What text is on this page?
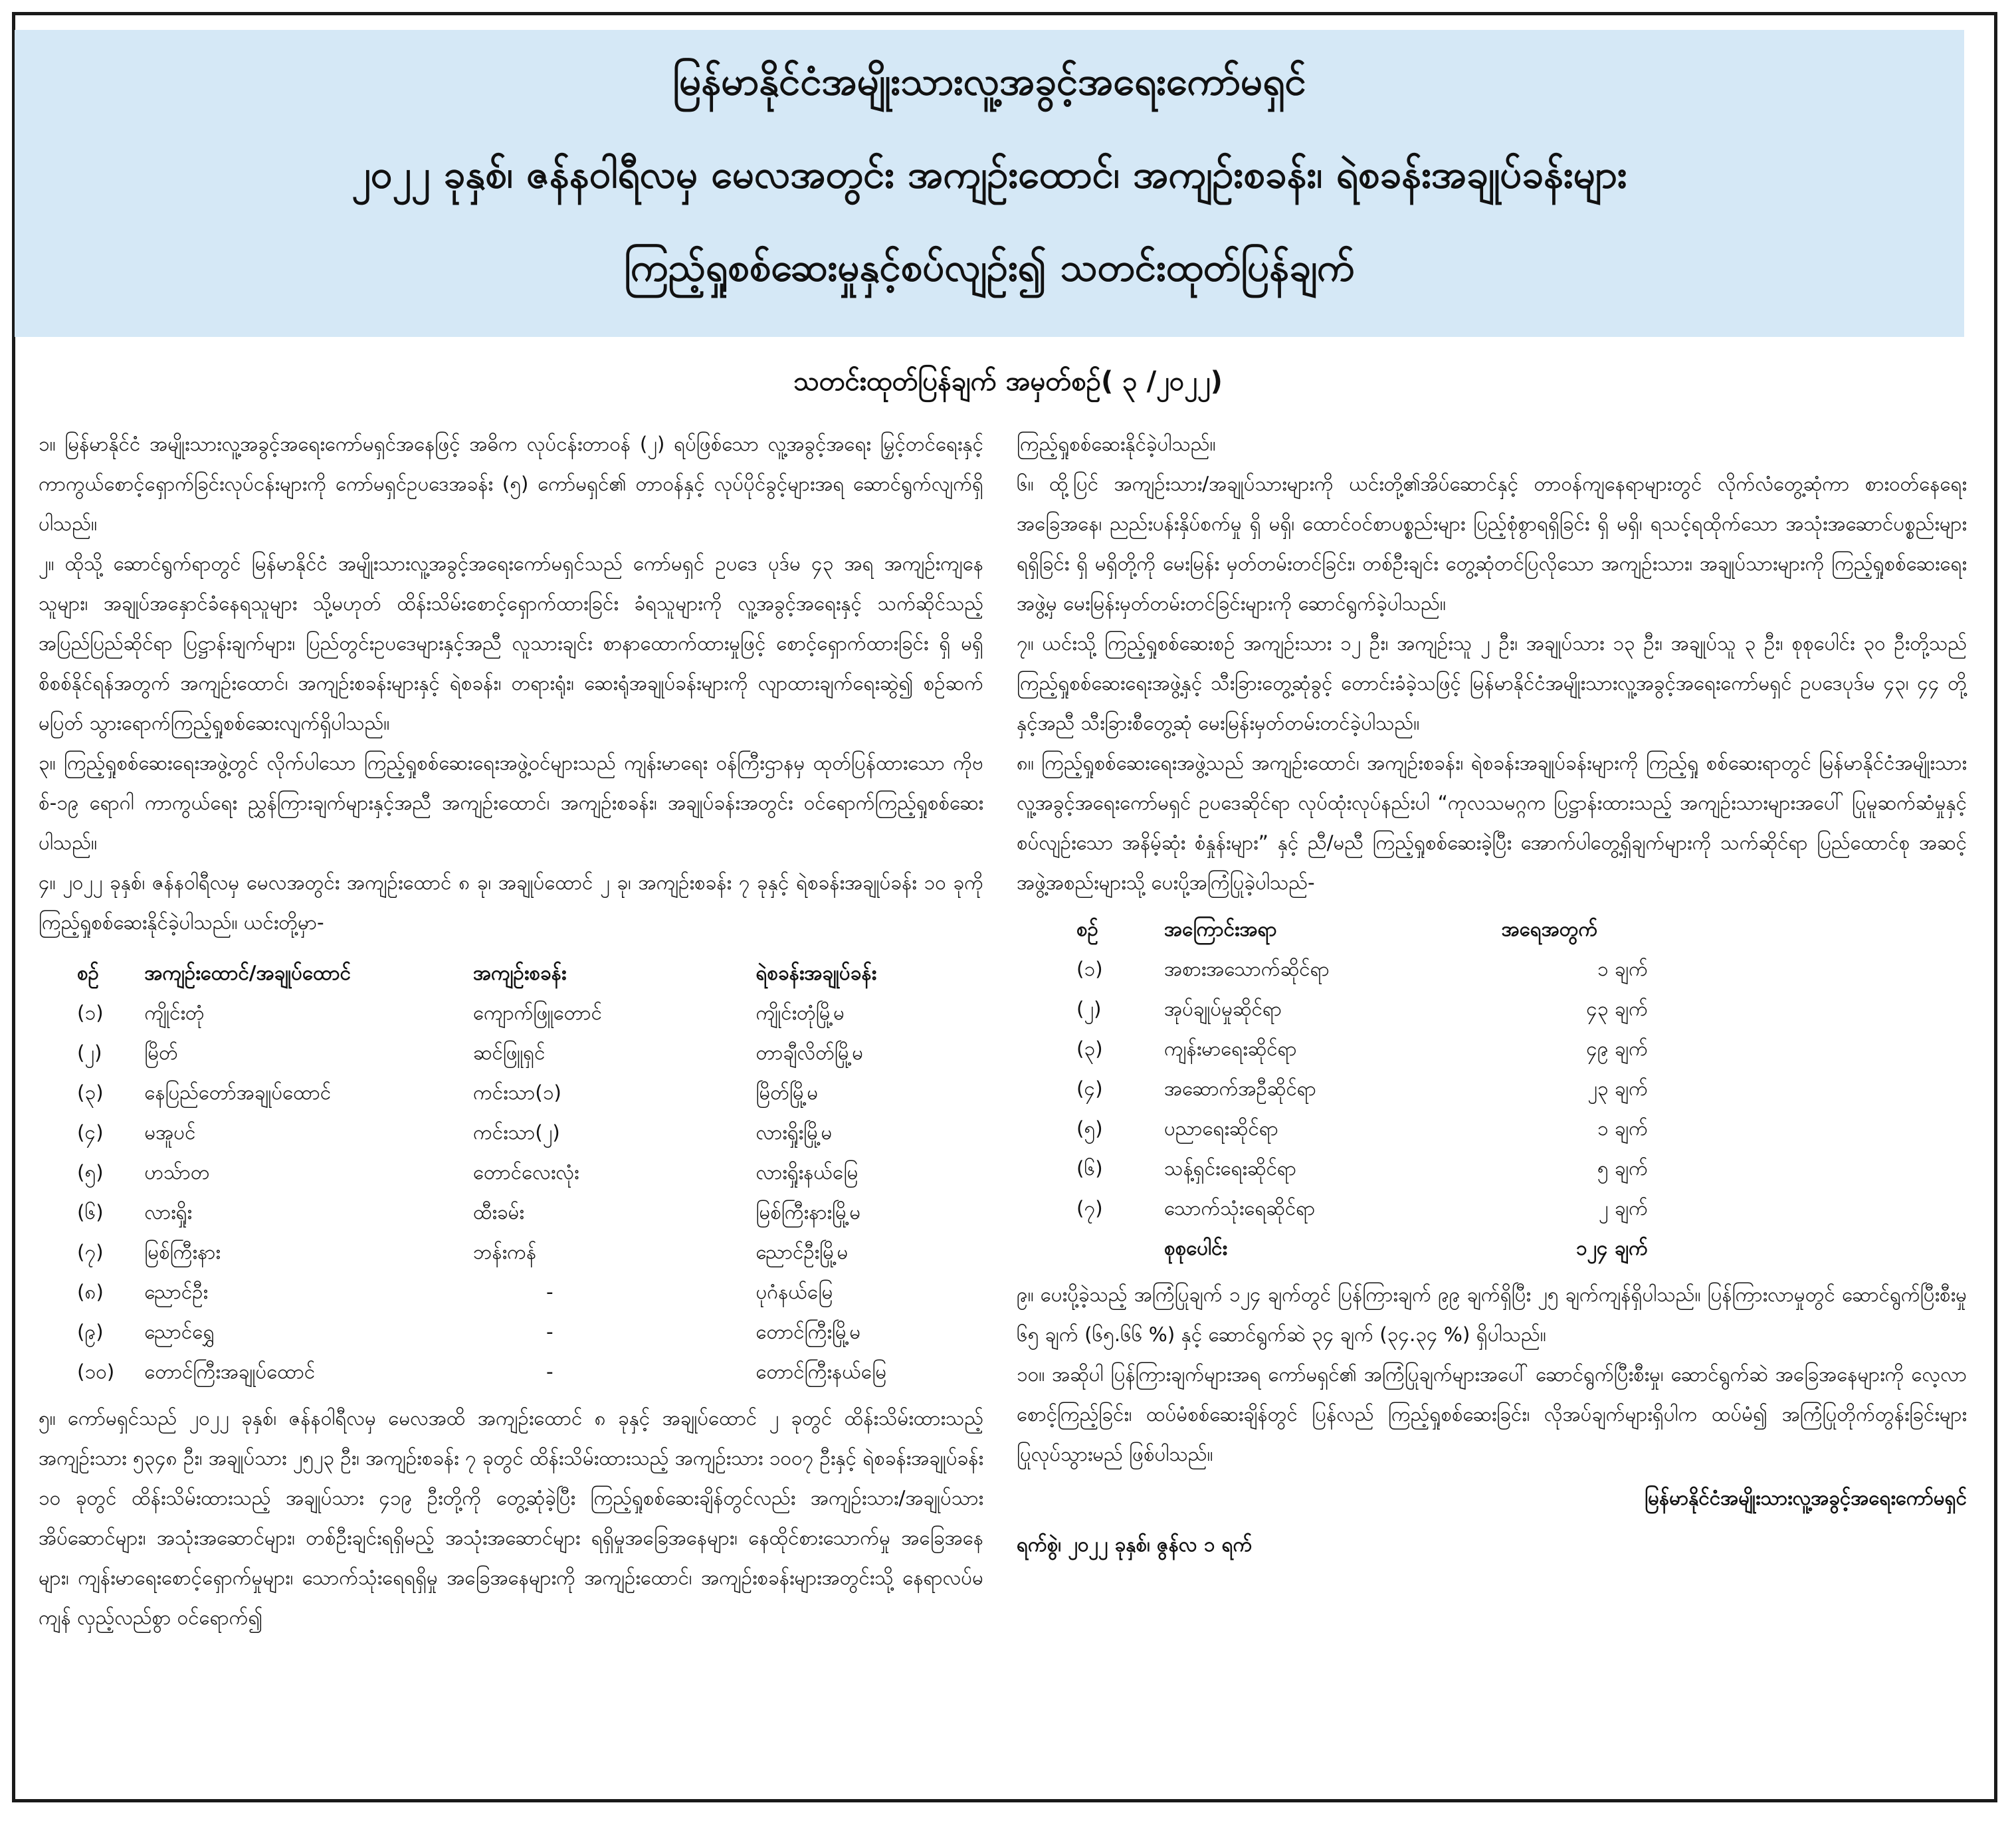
မြန်မာနိုင်ငံအမျိုးသားလူ့အခွင့်အရေးကော်မရှင်
၂၀၂၂ ခုနှစ်၊ ဇန်နဝါရီလမှ မေလအတွင်း အကျဉ်းထောင်၊ အကျဉ်းစခန်း၊ ရဲစခန်းအချုပ်ခန်းများ
ကြည့်ရှုစစ်ဆေးမှုနှင့်စပ်လျဉ်း၍ သတင်းထုတ်ပြန်ချက်
သတင်းထုတ်ပြန်ချက် အမှတ်စဉ်( ၃ /၂၀၂၂)

၁။ မြန်မာနိုင်ငံ အမျိုးသားလူ့အခွင့်အရေးကော်မရှင်အနေဖြင့် အဓိက လုပ်ငန်းတာဝန် (၂) ရပ်ဖြစ်သော လူ့အခွင့်အရေး မြှင့်တင်ရေးနှင့် ကာကွယ်စောင့်ရှောက်ခြင်းလုပ်ငန်းများကို ကော်မရှင်ဥပဒေအခန်း (၅) ကော်မရှင်၏ တာဝန်နှင့် လုပ်ပိုင်ခွင့်များအရ ဆောင်ရွက်လျက်ရှိပါသည်။

၂။ ထိုသို့ ဆောင်ရွက်ရာတွင် မြန်မာနိုင်ငံ အမျိုးသားလူ့အခွင့်အရေးကော်မရှင်သည် ကော်မရှင် ဥပဒေ ပုဒ်မ ၄၃ အရ အကျဉ်းကျနေသူများ၊ အချုပ်အနှောင်ခံနေရသူများ သို့မဟုတ် ထိန်းသိမ်းစောင့်ရှောက်ထားခြင်း ခံရသူများကို လူ့အခွင့်အရေးနှင့် သက်ဆိုင်သည့် အပြည်ပြည်ဆိုင်ရာ ပြဋ္ဌာန်းချက်များ၊ ပြည်တွင်းဥပဒေများနှင့်အညီ လူသားချင်း စာနာထောက်ထားမှုဖြင့် စောင့်ရှောက်ထားခြင်း ရှိ မရှိ စိစစ်နိုင်ရန်အတွက် အကျဉ်းထောင်၊ အကျဉ်းစခန်းများနှင့် ရဲစခန်း၊ တရားရုံး၊ ဆေးရုံအချုပ်ခန်းများကို လျာထားချက်ရေးဆွဲ၍ စဉ်ဆက်မပြတ် သွားရောက်ကြည့်ရှုစစ်ဆေးလျက်ရှိပါသည်။

၃။ ကြည့်ရှုစစ်ဆေးရေးအဖွဲ့တွင် လိုက်ပါသော ကြည့်ရှုစစ်ဆေးရေးအဖွဲ့ဝင်များသည် ကျန်းမာရေး ဝန်ကြီးဌာနမှ ထုတ်ပြန်ထားသော ကိုဗစ်-၁၉ ရောဂါ ကာကွယ်ရေး ညွှန်ကြားချက်များနှင့်အညီ အကျဉ်းထောင်၊ အကျဉ်းစခန်း၊ အချုပ်ခန်းအတွင်း ဝင်ရောက်ကြည့်ရှုစစ်ဆေးပါသည်။

၄။ ၂၀၂၂ ခုနှစ်၊ ဇန်နဝါရီလမှ မေလအတွင်း အကျဉ်းထောင် ၈ ခု၊ အချုပ်ထောင် ၂ ခု၊ အကျဉ်းစခန်း ၇ ခုနှင့် ရဲစခန်းအချုပ်ခန်း ၁၀ ခုကို ကြည့်ရှုစစ်ဆေးနိုင်ခဲ့ပါသည်။ ယင်းတို့မှာ-

စဉ်	အကျဉ်းထောင်/အချုပ်ထောင်	အကျဉ်းစခန်း	ရဲစခန်းအချုပ်ခန်း
(၁)	ကျိုင်းတုံ	ကျောက်ဖြူတောင်	ကျိုင်းတုံမြို့မ
(၂)	မြိတ်	ဆင်ဖြူရှင်	တာချီလိတ်မြို့မ
(၃)	နေပြည်တော်အချုပ်ထောင်	ကင်းသာ(၁)	မြိတ်မြို့မ
(၄)	မအူပင်	ကင်းသာ(၂)	လားရှိုးမြို့မ
(၅)	ဟသ်ာတ	တောင်လေးလုံး	လားရှိုးနယ်မြေ
(၆)	လားရှိုး	ထီးခမ်း	မြစ်ကြီးနားမြို့မ
(၇)	မြစ်ကြီးနား	ဘန်းကန်	ညောင်ဦးမြို့မ
(၈)	ညောင်ဦး	-	ပုဂံနယ်မြေ
(၉)	ညောင်ရွှေ	-	တောင်ကြီးမြို့မ
(၁၀)	တောင်ကြီးအချုပ်ထောင်	-	တောင်ကြီးနယ်မြေ

၅။ ကော်မရှင်သည် ၂၀၂၂ ခုနှစ်၊ ဇန်နဝါရီလမှ မေလအထိ အကျဉ်းထောင် ၈ ခုနှင့် အချုပ်ထောင် ၂ ခုတွင် ထိန်းသိမ်းထားသည့် အကျဉ်းသား ၅၃၄၈ ဦး၊ အချုပ်သား ၂၅၂၃ ဦး၊ အကျဉ်းစခန်း ၇ ခုတွင် ထိန်းသိမ်းထားသည့် အကျဉ်းသား ၁၀၀၇ ဦးနှင့် ရဲစခန်းအချုပ်ခန်း ၁၀ ခုတွင် ထိန်းသိမ်းထားသည့် အချုပ်သား ၄၁၉ ဦးတို့ကို တွေ့ဆုံခဲ့ပြီး ကြည့်ရှုစစ်ဆေးချိန်တွင်လည်း အကျဉ်းသား/အချုပ်သား အိပ်ဆောင်များ၊ အသုံးအဆောင်များ၊ တစ်ဦးချင်းရရှိမည့် အသုံးအဆောင်များ ရရှိမှုအခြေအနေများ၊ နေထိုင်စားသောက်မှု အခြေအနေများ၊ ကျန်းမာရေးစောင့်ရှောက်မှုများ၊ သောက်သုံးရေရရှိမှု အခြေအနေများကို အကျဉ်းထောင်၊ အကျဉ်းစခန်းများအတွင်းသို့ နေရာလပ်မကျန် လှည့်လည်စွာ ဝင်ရောက်၍

ကြည့်ရှုစစ်ဆေးနိုင်ခဲ့ပါသည်။

၆။ ထို့ပြင် အကျဉ်းသား/အချုပ်သားများကို ယင်းတို့၏အိပ်ဆောင်နှင့် တာဝန်ကျနေရာများတွင် လိုက်လံတွေ့ဆုံကာ စားဝတ်နေရေးအခြေအနေ၊ ညည်းပန်းနှိပ်စက်မှု ရှိ မရှိ၊ ထောင်ဝင်စာပစ္စည်းများ ပြည့်စုံစွာရရှိခြင်း ရှိ မရှိ၊ ရသင့်ရထိုက်သော အသုံးအဆောင်ပစ္စည်းများ ရရှိခြင်း ရှိ မရှိတို့ကို မေးမြန်း မှတ်တမ်းတင်ခြင်း၊ တစ်ဦးချင်း တွေ့ဆုံတင်ပြလိုသော အကျဉ်းသား၊ အချုပ်သားများကို ကြည့်ရှုစစ်ဆေးရေးအဖွဲ့မှ မေးမြန်းမှတ်တမ်းတင်ခြင်းများကို ဆောင်ရွက်ခဲ့ပါသည်။

၇။ ယင်းသို့ ကြည့်ရှုစစ်ဆေးစဉ် အကျဉ်းသား ၁၂ ဦး၊ အကျဉ်းသူ ၂ ဦး၊ အချုပ်သား ၁၃ ဦး၊ အချုပ်သူ ၃ ဦး၊ စုစုပေါင်း ၃၀ ဦးတို့သည် ကြည့်ရှုစစ်ဆေးရေးအဖွဲ့နှင့် သီးခြားတွေ့ဆုံခွင့် တောင်းခံခဲ့သဖြင့် မြန်မာနိုင်ငံအမျိုးသားလူ့အခွင့်အရေးကော်မရှင် ဥပဒေပုဒ်မ ၄၃၊ ၄၄ တို့နှင့်အညီ သီးခြားစီတွေ့ဆုံ မေးမြန်းမှတ်တမ်းတင်ခဲ့ပါသည်။

၈။ ကြည့်ရှုစစ်ဆေးရေးအဖွဲ့သည် အကျဉ်းထောင်၊ အကျဉ်းစခန်း၊ ရဲစခန်းအချုပ်ခန်းများကို ကြည့်ရှု စစ်ဆေးရာတွင် မြန်မာနိုင်ငံအမျိုးသားလူ့အခွင့်အရေးကော်မရှင် ဥပဒေဆိုင်ရာ လုပ်ထုံးလုပ်နည်းပါ “ကုလသမဂ္ဂက ပြဋ္ဌာန်းထားသည့် အကျဉ်းသားများအပေါ် ပြုမူဆက်ဆံမှုနှင့်စပ်လျဉ်းသော အနိမ့်ဆုံး စံနှုန်းများ” နှင့် ညီ/မညီ ကြည့်ရှုစစ်ဆေးခဲ့ပြီး အောက်ပါတွေ့ရှိချက်များကို သက်ဆိုင်ရာ ပြည်ထောင်စု အဆင့်အဖွဲ့အစည်းများသို့ ပေးပို့အကြံပြုခဲ့ပါသည်-

စဉ်	အကြောင်းအရာ	အရေအတွက်
(၁)	အစားအသောက်ဆိုင်ရာ	၁ ချက်
(၂)	အုပ်ချုပ်မှုဆိုင်ရာ	၄၃ ချက်
(၃)	ကျန်းမာရေးဆိုင်ရာ	၄၉ ချက်
(၄)	အဆောက်အဦဆိုင်ရာ	၂၃ ချက်
(၅)	ပညာရေးဆိုင်ရာ	၁ ချက်
(၆)	သန့်ရှင်းရေးဆိုင်ရာ	၅ ချက်
(၇)	သောက်သုံးရေဆိုင်ရာ	၂ ချက်
	စုစုပေါင်း	၁၂၄ ချက်

၉။ ပေးပို့ခဲ့သည့် အကြံပြုချက် ၁၂၄ ချက်တွင် ပြန်ကြားချက် ၉၉ ချက်ရှိပြီး ၂၅ ချက်ကျန်ရှိပါသည်။ ပြန်ကြားလာမှုတွင် ဆောင်ရွက်ပြီးစီးမှု ၆၅ ချက် (၆၅.၆၆ %) နှင့် ဆောင်ရွက်ဆဲ ၃၄ ချက် (၃၄.၃၄ %) ရှိပါသည်။

၁၀။ အဆိုပါ ပြန်ကြားချက်များအရ ကော်မရှင်၏ အကြံပြုချက်များအပေါ် ဆောင်ရွက်ပြီးစီးမှု၊ ဆောင်ရွက်ဆဲ အခြေအနေများကို လေ့လာစောင့်ကြည့်ခြင်း၊ ထပ်မံစစ်ဆေးချိန်တွင် ပြန်လည် ကြည့်ရှုစစ်ဆေးခြင်း၊ လိုအပ်ချက်များရှိပါက ထပ်မံ၍ အကြံပြုတိုက်တွန်းခြင်းများ ပြုလုပ်သွားမည် ဖြစ်ပါသည်။

မြန်မာနိုင်ငံအမျိုးသားလူ့အခွင့်အရေးကော်မရှင်
ရက်စွဲ၊ ၂၀၂၂ ခုနှစ်၊ ဇွန်လ ၁ ရက်
